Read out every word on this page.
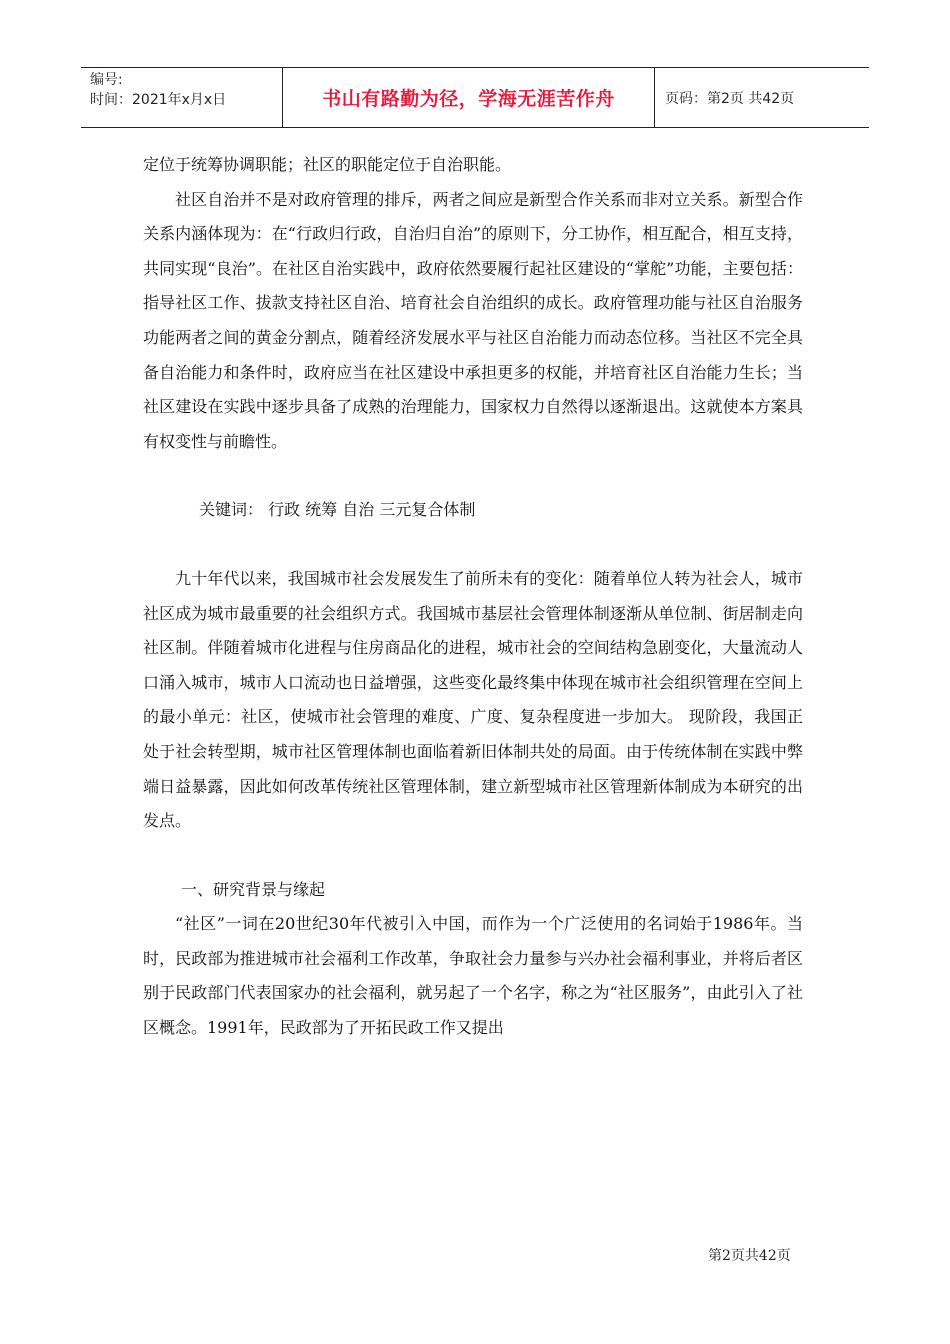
编号:
时间：2021年x月x日	书山有路勤为径，学海无涯苦作舟	页码：第2页 共42页

定位于统筹协调职能；社区的职能定位于自治职能。

社区自治并不是对政府管理的排斥，两者之间应是新型合作关系而非对立关系。新型合作关系内涵体现为：在“行政归行政，自治归自治”的原则下，分工协作，相互配合，相互支持，共同实现“良治”。在社区自治实践中，政府依然要履行起社区建设的“掌舵”功能，主要包括：指导社区工作、拔款支持社区自治、培育社会自治组织的成长。政府管理功能与社区自治服务功能两者之间的黄金分割点，随着经济发展水平与社区自治能力而动态位移。当社区不完全具备自治能力和条件时，政府应当在社区建设中承担更多的权能，并培育社区自治能力生长；当社区建设在实践中逐步具备了成熟的治理能力，国家权力自然得以逐渐退出。这就使本方案具有权变性与前瞻性。

关键词： 行政 统筹 自治 三元复合体制

九十年代以来，我国城市社会发展发生了前所未有的变化：随着单位人转为社会人，城市社区成为城市最重要的社会组织方式。我国城市基层社会管理体制逐渐从单位制、街居制走向社区制。伴随着城市化进程与住房商品化的进程，城市社会的空间结构急剧变化，大量流动人口涌入城市，城市人口流动也日益增强，这些变化最终集中体现在城市社会组织管理在空间上的最小单元：社区，使城市社会管理的难度、广度、复杂程度进一步加大。 现阶段，我国正处于社会转型期，城市社区管理体制也面临着新旧体制共处的局面。由于传统体制在实践中弊端日益暴露，因此如何改革传统社区管理体制，建立新型城市社区管理新体制成为本研究的出发点。

一、研究背景与缘起

“社区”一词在20世纪30年代被引入中国，而作为一个广泛使用的名词始于1986年。当时，民政部为推进城市社会福利工作改革，争取社会力量参与兴办社会福利事业，并将后者区别于民政部门代表国家办的社会福利，就另起了一个名字，称之为“社区服务”，由此引入了社区概念。1991年，民政部为了开拓民政工作又提出

第2页共42页
